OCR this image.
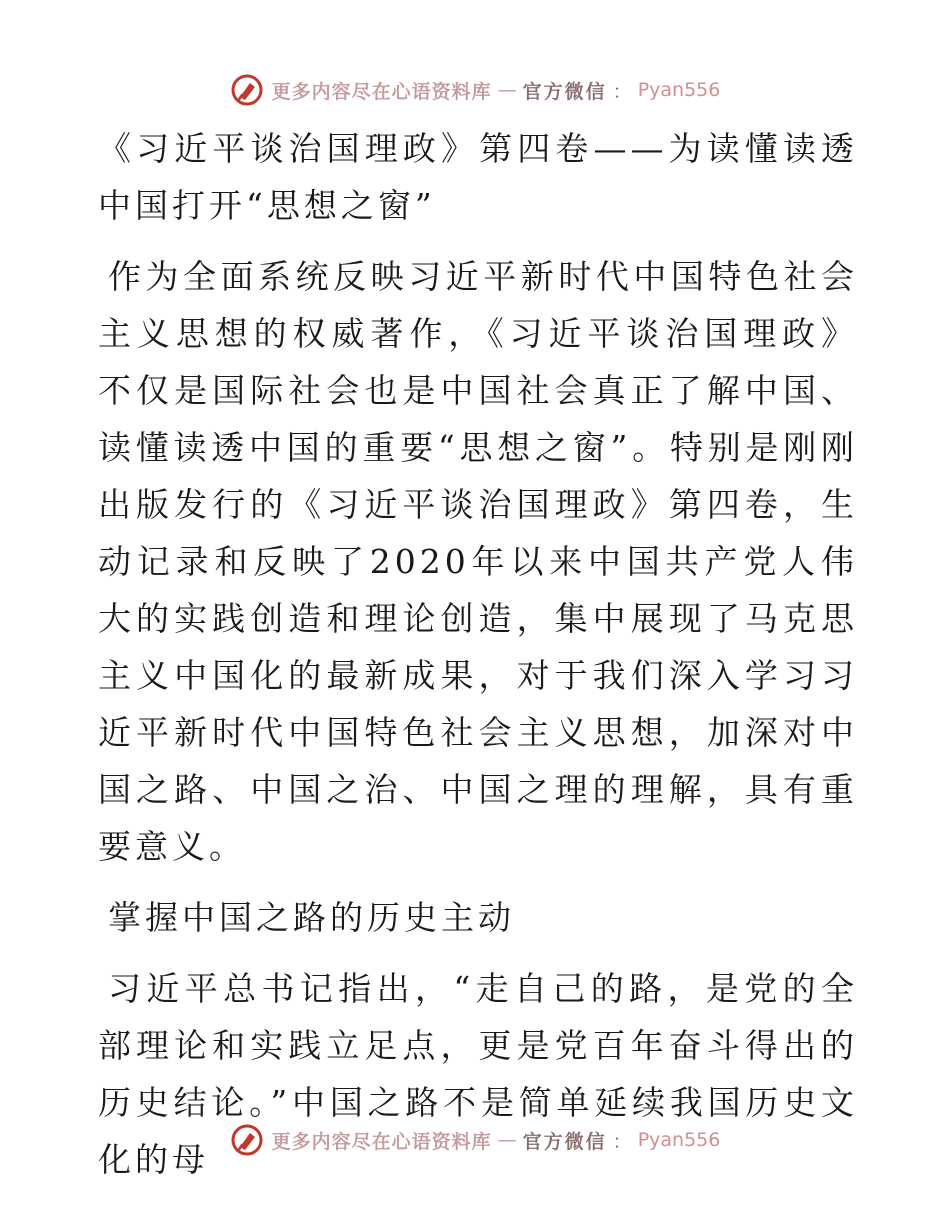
更多内容尽在心语资料库 — 官方微信 ： Pyan556

《习近平谈治国理政》第四卷——为读懂读透中国打开“思想之窗”

作为全面系统反映习近平新时代中国特色社会主义思想的权威著作，《习近平谈治国理政》不仅是国际社会也是中国社会真正了解中国、读懂读透中国的重要“思想之窗”。特别是刚刚出版发行的《习近平谈治国理政》第四卷，生动记录和反映了2020年以来中国共产党人伟大的实践创造和理论创造，集中展现了马克思主义中国化的最新成果，对于我们深入学习习近平新时代中国特色社会主义思想，加深对中国之路、中国之治、中国之理的理解，具有重要意义。

掌握中国之路的历史主动

习近平总书记指出，“走自己的路，是党的全部理论和实践立足点，更是党百年奋斗得出的历史结论。”中国之路不是简单延续我国历史文化的母	更多内容尽在心语资料库 — 官方微信 ： Pyan556
